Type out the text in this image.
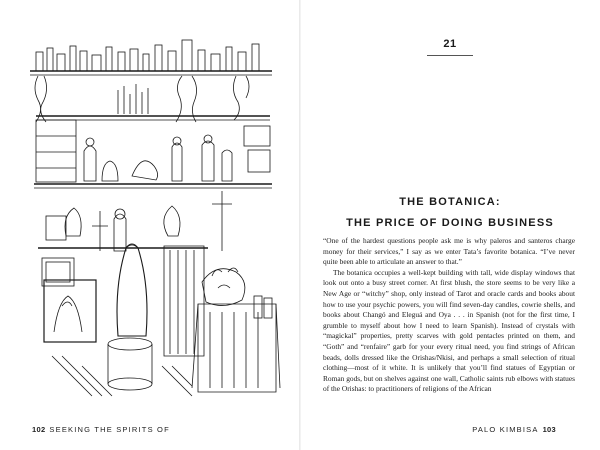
102 SEEKING THE SPIRITS OF
21
THE BOTANICA:
THE PRICE OF DOING BUSINESS

“One of the hardest questions people ask me is why paleros and santeros charge money for their services,” I say as we enter Tata’s favorite botanica. “I’ve never quite been able to articulate an answer to that.”

The botanica occupies a well-kept building with tall, wide display windows that look out onto a busy street corner. At first blush, the store seems to be very like a New Age or “witchy” shop, only instead of Tarot and oracle cards and books about how to use your psychic powers, you will find seven-day candles, cowrie shells, and books about Changó and Eleguá and Oya . . . in Spanish (not for the first time, I grumble to myself about how I need to learn Spanish). Instead of crystals with “magickal” properties, pretty scarves with gold pentacles printed on them, and “Goth” and “renfaire” garb for your every ritual need, you find strings of African beads, dolls dressed like the Orishas/Nkisi, and perhaps a small selection of ritual clothing—most of it white. It is unlikely that you’ll find statues of Egyptian or Roman gods, but on shelves against one wall, Catholic saints rub elbows with statues of the Orishas: to practitioners of religions of the African

PALO KIMBISA 103
